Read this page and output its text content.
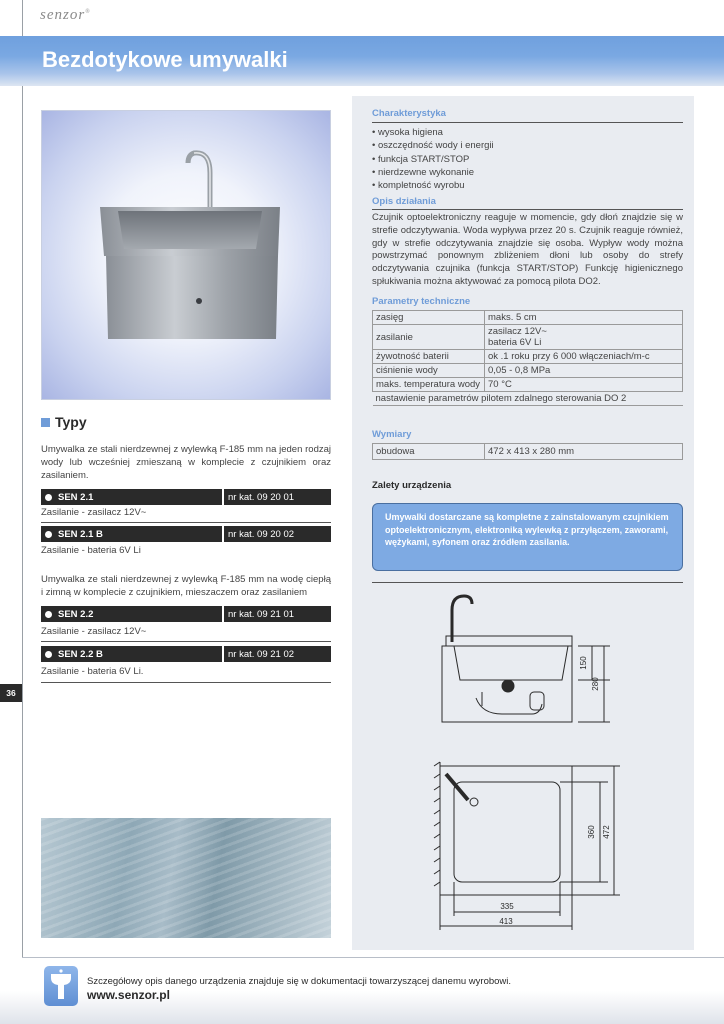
senzor®
Bezdotykowe umywalki
Typy
Umywalka ze stali nierdzewnej z wylewką F-185 mm na jeden rodzaj wody lub wcześniej zmieszaną w komplecie z czujnikiem oraz zasilaniem.
SEN 2.1	nr kat. 09 20 01
Zasilanie - zasilacz 12V~
SEN 2.1 B	nr kat. 09 20 02
Zasilanie - bateria 6V Li
Umywalka ze stali nierdzewnej z wylewką F-185 mm na wodę ciepłą i zimną w komplecie z czujnikiem, mieszaczem oraz zasilaniem
SEN 2.2	nr kat. 09 21 01
Zasilanie - zasilacz 12V~
SEN 2.2 B	nr kat. 09 21 02
Zasilanie - bateria 6V Li.
36
Charakterystyka
• wysoka higiena
• oszczędność wody i energii
• funkcja START/STOP
• nierdzewne wykonanie
• kompletność wyrobu
Opis działania
Czujnik optoelektroniczny reaguje w momencie, gdy dłoń znajdzie się w strefie odczytywania. Woda wypływa przez 20 s. Czujnik reaguje również, gdy w strefie odczytywania znajdzie się osoba. Wypływ wody można powstrzymać ponownym zbliżeniem dłoni lub osoby do strefy odczytywania czujnika (funkcja START/STOP) Funkcję higienicznego spłukiwania można aktywować za pomocą pilota DO2.
Parametry techniczne
zasięg	maks. 5 cm
zasilanie	zasilacz 12V~
bateria 6V Li

żywotność baterii	ok .1 roku przy 6 000 włączeniach/m-c
ciśnienie wody	0,05 - 0,8 MPa
maks. temperatura wody	70 °C
nastawienie parametrów pilotem zdalnego sterowania DO 2	
Wymiary
obudowa	472 x 413 x 280 mm
Zalety urządzenia
Umywalki dostarczane są kompletne z zainstalowanym czujnikiem optoelektronicznym, elektroniką wylewką z przyłączem, zaworami, wężykami, syfonem oraz źródłem zasilania.
150
280
360 472
335
413
Szczegółowy opis danego urządzenia znajduje się w dokumentacji towarzyszącej danemu wyrobowi.
www.senzor.pl
